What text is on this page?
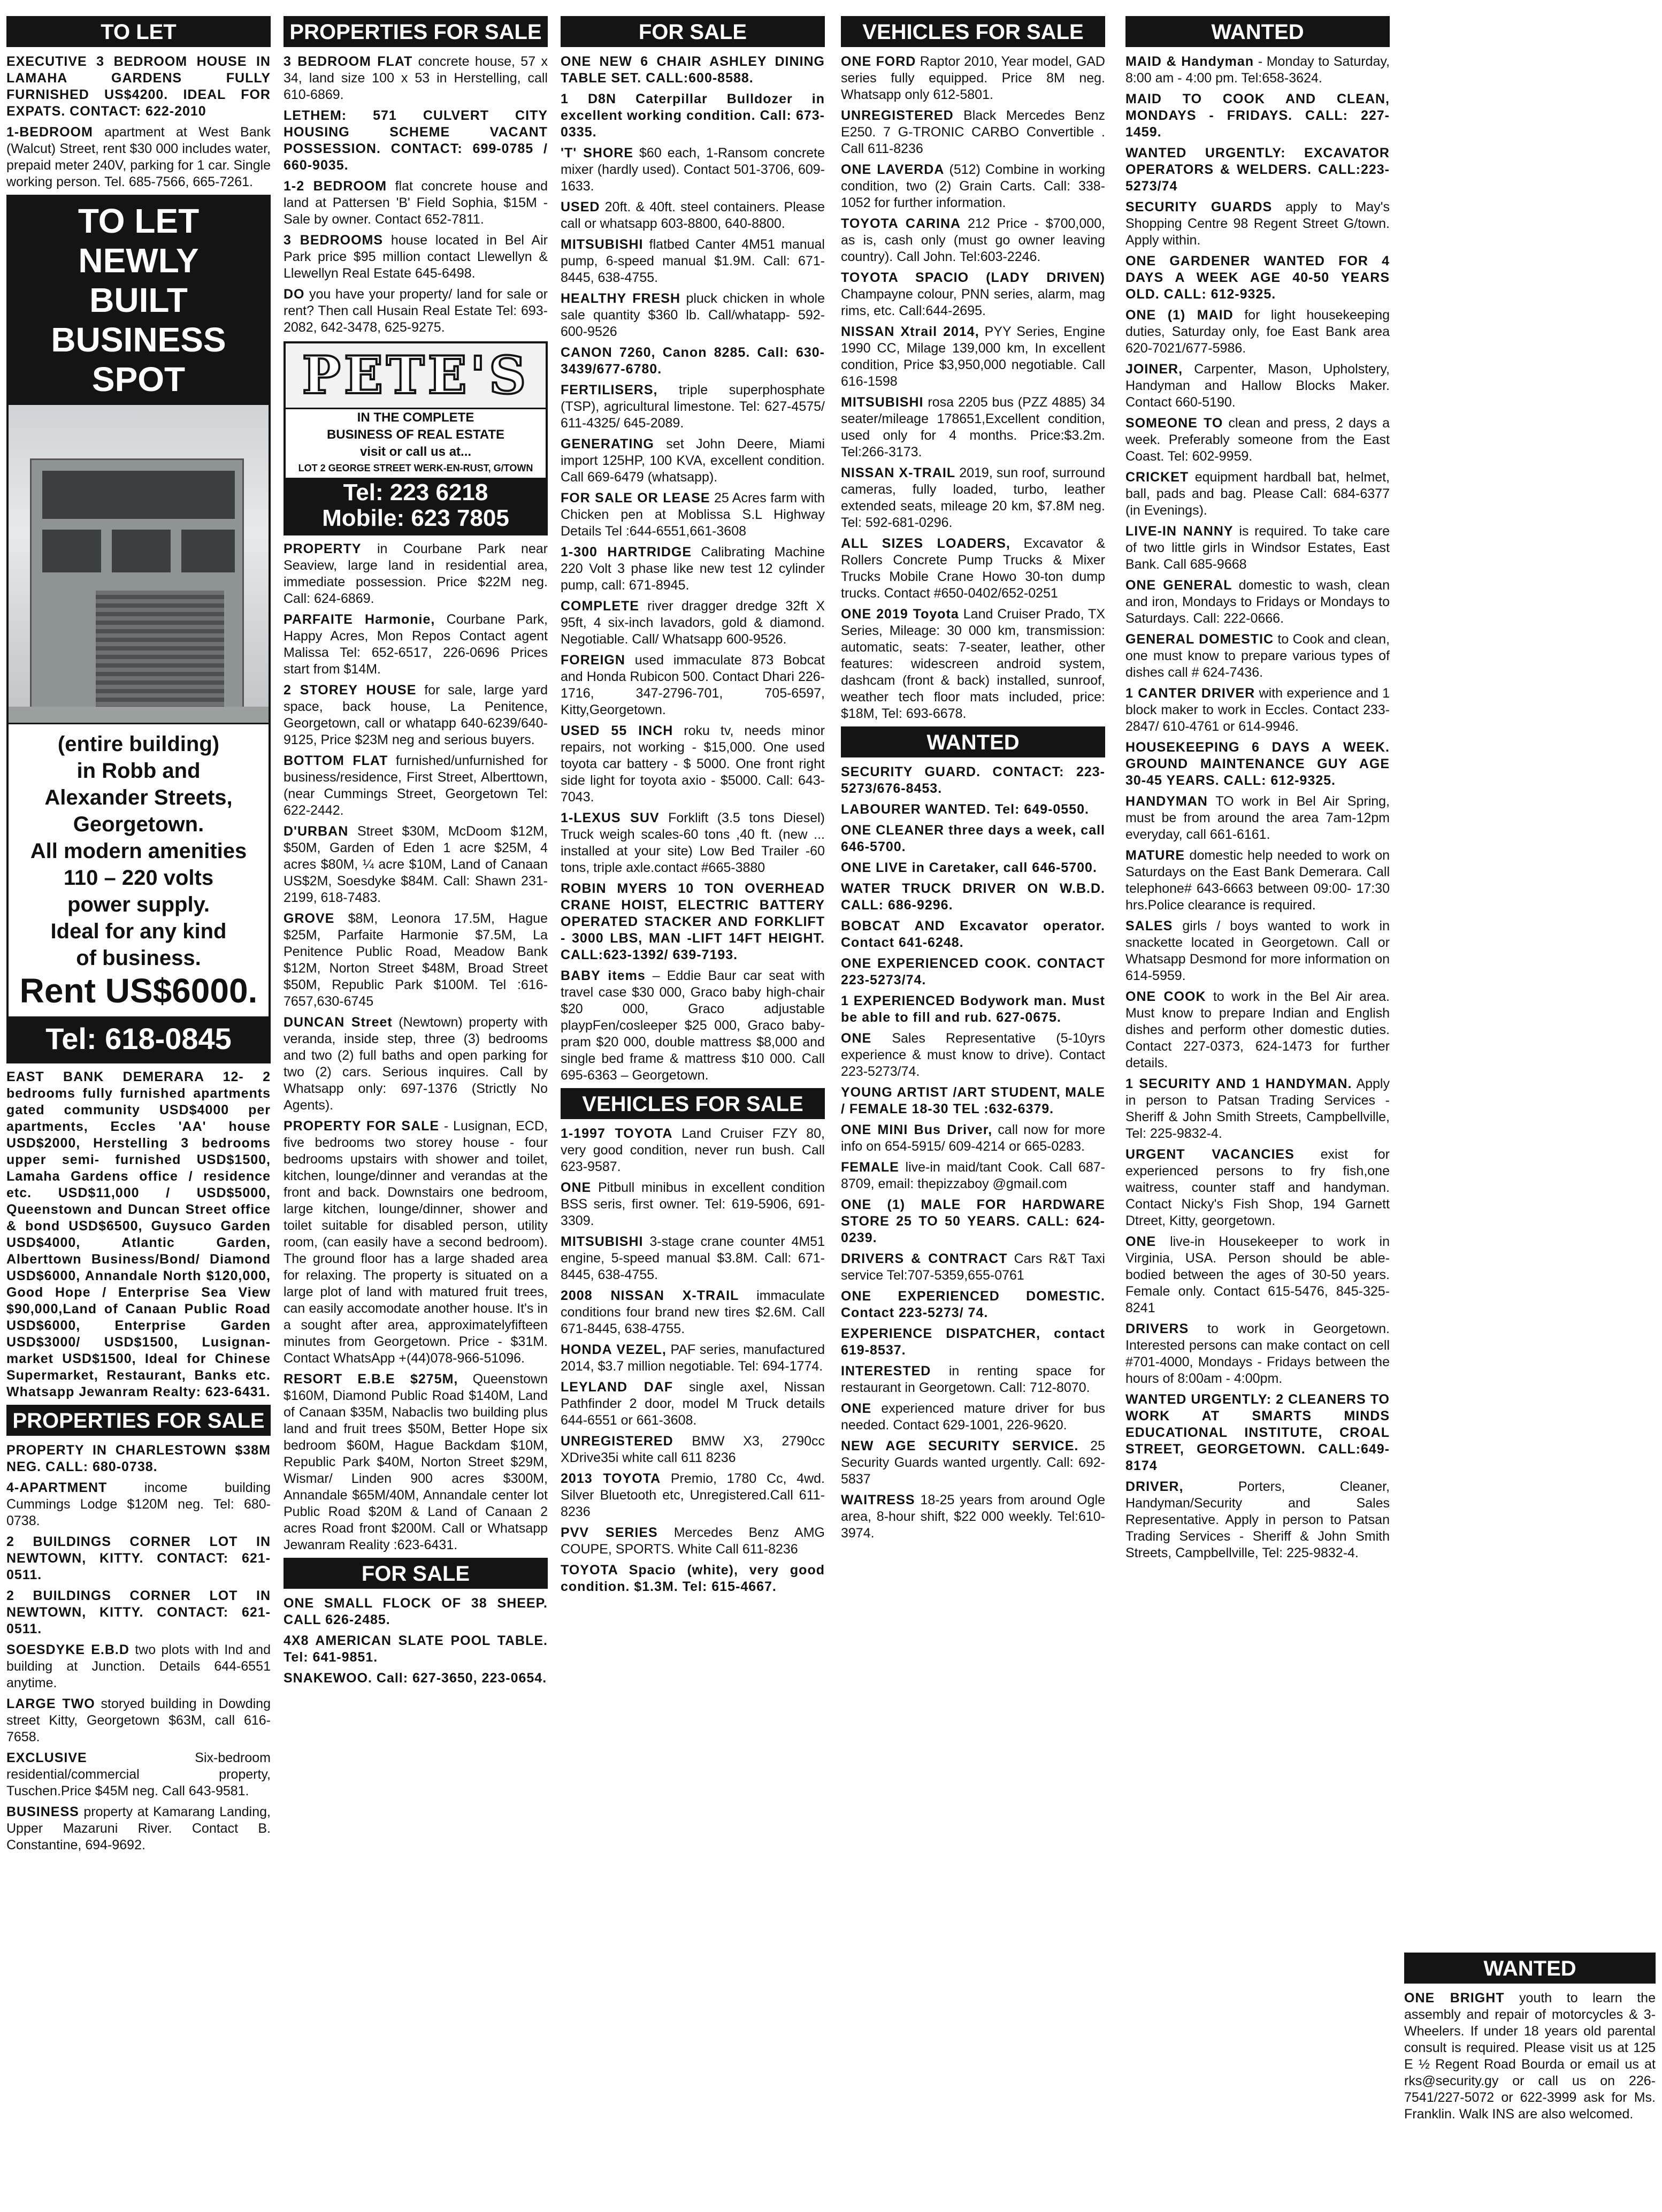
TO LET
EXECUTIVE 3 BEDROOM HOUSE IN LAMAHA GARDENS FULLY FURNISHED US$4200. IDEAL FOR EXPATS. CONTACT: 622-2010
1-BEDROOM apartment at West Bank (Walcut) Street, rent $30 000 includes water, prepaid meter 240V, parking for 1 car. Single working person. Tel. 685-7566, 665-7261.
TO LET
NEWLY
BUILT
BUSINESS
SPOT
(entire building)
in Robb and
Alexander Streets,
Georgetown.
All modern amenities
110 – 220 volts
power supply.
Ideal for any kind
of business.
Rent US$6000.
Tel: 618-0845
EAST BANK DEMERARA 12- 2 bedrooms fully furnished apartments gated community USD$4000 per apartments, Eccles 'AA' house USD$2000, Herstelling 3 bedrooms upper semi- furnished USD$1500, Lamaha Gardens office / residence etc. USD$11,000 / USD$5000, Queenstown and Duncan Street office & bond USD$6500, Guysuco Garden USD$4000, Atlantic Garden, Alberttown Business/Bond/ Diamond USD$6000, Annandale North $120,000, Good Hope / Enterprise Sea View $90,000,Land of Canaan Public Road USD$6000, Enterprise Garden USD$3000/ USD$1500, Lusignan-market USD$1500, Ideal for Chinese Supermarket, Restaurant, Banks etc. Whatsapp Jewanram Realty: 623-6431.
PROPERTIES FOR SALE
PROPERTY IN CHARLESTOWN $38M NEG. CALL: 680-0738.
4-APARTMENT income building Cummings Lodge $120M neg. Tel: 680-0738.
2 BUILDINGS CORNER LOT IN NEWTOWN, KITTY. CONTACT: 621-0511.
2 BUILDINGS CORNER LOT IN NEWTOWN, KITTY. CONTACT: 621-0511.
SOESDYKE E.B.D two plots with Ind and building at Junction. Details 644-6551 anytime.
LARGE TWO storyed building in Dowding street Kitty, Georgetown $63M, call 616-7658.
EXCLUSIVE Six-bedroom residential/commercial property, Tuschen.Price $45M neg. Call 643-9581.
BUSINESS property at Kamarang Landing, Upper Mazaruni River. Contact B. Constantine, 694-9692.
PROPERTIES FOR SALE
3 BEDROOM FLAT concrete house, 57 x 34, land size 100 x 53 in Herstelling, call 610-6869.
LETHEM: 571 CULVERT CITY HOUSING SCHEME VACANT POSSESSION. CONTACT: 699-0785 / 660-9035.
1-2 BEDROOM flat concrete house and land at Pattersen 'B' Field Sophia, $15M - Sale by owner. Contact 652-7811.
3 BEDROOMS house located in Bel Air Park price $95 million contact Llewellyn & Llewellyn Real Estate 645-6498.
DO you have your property/ land for sale or rent? Then call Husain Real Estate Tel: 693-2082, 642-3478, 625-9275.
PETE'S
IN THE COMPLETE
BUSINESS OF REAL ESTATE
visit or call us at...
LOT 2 GEORGE STREET WERK-EN-RUST, G/TOWN
Tel: 223 6218
Mobile: 623 7805
PROPERTY in Courbane Park near Seaview, large land in residential area, immediate possession. Price $22M neg. Call: 624-6869.
PARFAITE Harmonie, Courbane Park, Happy Acres, Mon Repos Contact agent Malissa Tel: 652-6517, 226-0696 Prices start from $14M.
2 STOREY HOUSE for sale, large yard space, back house, La Penitence, Georgetown, call or whatapp 640-6239/640-9125, Price $23M neg and serious buyers.
BOTTOM FLAT furnished/unfurnished for business/residence, First Street, Alberttown, (near Cummings Street, Georgetown Tel: 622-2442.
D'URBAN Street $30M, McDoom $12M, $50M, Garden of Eden 1 acre $25M, 4 acres $80M, ¼ acre $10M, Land of Canaan US$2M, Soesdyke $84M. Call: Shawn 231-2199, 618-7483.
GROVE $8M, Leonora 17.5M, Hague $25M, Parfaite Harmonie $7.5M, La Penitence Public Road, Meadow Bank $12M, Norton Street $48M, Broad Street $50M, Republic Park $100M. Tel :616-7657,630-6745
DUNCAN Street (Newtown) property with veranda, inside step, three (3) bedrooms and two (2) full baths and open parking for two (2) cars. Serious inquires. Call by Whatsapp only: 697-1376 (Strictly No Agents).
PROPERTY FOR SALE - Lusignan, ECD, five bedrooms two storey house - four bedrooms upstairs with shower and toilet, kitchen, lounge/dinner and verandas at the front and back. Downstairs one bedroom, large kitchen, lounge/dinner, shower and toilet suitable for disabled person, utility room, (can easily have a second bedroom). The ground floor has a large shaded area for relaxing. The property is situated on a large plot of land with matured fruit trees, can easily accomodate another house. It's in a sought after area, approximatelyfifteen minutes from Georgetown. Price - $31M. Contact WhatsApp +(44)078-966-51096.
RESORT E.B.E $275M, Queenstown $160M, Diamond Public Road $140M, Land of Canaan $35M, Nabaclis two building plus land and fruit trees $50M, Better Hope six bedroom $60M, Hague Backdam $10M, Republic Park $40M, Norton Street $29M, Wismar/ Linden 900 acres $300M, Annandale $65M/40M, Annandale center lot Public Road $20M & Land of Canaan 2 acres Road front $200M. Call or Whatsapp Jewanram Reality :623-6431.
FOR SALE
ONE SMALL FLOCK OF 38 SHEEP. CALL 626-2485.
4X8 AMERICAN SLATE POOL TABLE. Tel: 641-9851.
SNAKEWOO. Call: 627-3650, 223-0654.
FOR SALE
ONE NEW 6 CHAIR ASHLEY DINING TABLE SET. CALL:600-8588.
1 D8N Caterpillar Bulldozer in excellent working condition. Call: 673-0335.
'T' SHORE $60 each, 1-Ransom concrete mixer (hardly used). Contact 501-3706, 609-1633.
USED 20ft. & 40ft. steel containers. Please call or whatsapp 603-8800, 640-8800.
MITSUBISHI flatbed Canter 4M51 manual pump, 6-speed manual $1.9M. Call: 671-8445, 638-4755.
HEALTHY FRESH pluck chicken in whole sale quantity $360 lb. Call/whatapp- 592-600-9526
CANON 7260, Canon 8285. Call: 630-3439/677-6780.
FERTILISERS, triple superphosphate (TSP), agricultural limestone. Tel: 627-4575/ 611-4325/ 645-2089.
GENERATING set John Deere, Miami import 125HP, 100 KVA, excellent condition. Call 669-6479 (whatsapp).
FOR SALE OR LEASE 25 Acres farm with Chicken pen at Moblissa S.L Highway Details Tel :644-6551,661-3608
1-300 HARTRIDGE Calibrating Machine 220 Volt 3 phase like new test 12 cylinder pump, call: 671-8945.
COMPLETE river dragger dredge 32ft X 95ft, 4 six-inch lavadors, gold & diamond. Negotiable. Call/ Whatsapp 600-9526.
FOREIGN used immaculate 873 Bobcat and Honda Rubicon 500. Contact Dhari 226-1716, 347-2796-701, 705-6597, Kitty,Georgetown.
USED 55 INCH roku tv, needs minor repairs, not working - $15,000. One used toyota car battery - $ 5000. One front right side light for toyota axio - $5000. Call: 643-7043.
1-LEXUS SUV Forklift (3.5 tons Diesel) Truck weigh scales-60 tons ,40 ft. (new ... installed at your site) Low Bed Trailer -60 tons, triple axle.contact #665-3880
ROBIN MYERS 10 TON OVERHEAD CRANE HOIST, ELECTRIC BATTERY OPERATED STACKER AND FORKLIFT - 3000 LBS, MAN -LIFT 14FT HEIGHT. CALL:623-1392/ 639-7193.
BABY items – Eddie Baur car seat with travel case $30 000, Graco baby high-chair $20 000, Graco adjustable playpFen/cosleeper $25 000, Graco baby-pram $20 000, double mattress $8,000 and single bed frame & mattress $10 000. Call 695-6363 – Georgetown.
VEHICLES FOR SALE
1-1997 TOYOTA Land Cruiser FZY 80, very good condition, never run bush. Call 623-9587.
ONE Pitbull minibus in excellent condition BSS seris, first owner. Tel: 619-5906, 691-3309.
MITSUBISHI 3-stage crane counter 4M51 engine, 5-speed manual $3.8M. Call: 671-8445, 638-4755.
2008 NISSAN X-TRAIL immaculate conditions four brand new tires $2.6M. Call 671-8445, 638-4755.
HONDA VEZEL, PAF series, manufactured 2014, $3.7 million negotiable. Tel: 694-1774.
LEYLAND DAF single axel, Nissan Pathfinder 2 door, model M Truck details 644-6551 or 661-3608.
UNREGISTERED BMW X3, 2790cc XDrive35i white call 611 8236
2013 TOYOTA Premio, 1780 Cc, 4wd. Silver Bluetooth etc, Unregistered.Call 611-8236
PVV SERIES Mercedes Benz AMG COUPE, SPORTS. White Call 611-8236
TOYOTA Spacio (white), very good condition. $1.3M. Tel: 615-4667.
VEHICLES FOR SALE
ONE FORD Raptor 2010, Year model, GAD series fully equipped. Price 8M neg. Whatsapp only 612-5801.
UNREGISTERED Black Mercedes Benz E250. 7 G-TRONIC CARBO Convertible . Call 611-8236
ONE LAVERDA (512) Combine in working condition, two (2) Grain Carts. Call: 338-1052 for further information.
TOYOTA CARINA 212 Price - $700,000, as is, cash only (must go owner leaving country). Call John. Tel:603-2246.
TOYOTA SPACIO (LADY DRIVEN) Champayne colour, PNN series, alarm, mag rims, etc. Call:644-2695.
NISSAN Xtrail 2014, PYY Series, Engine 1990 CC, Milage 139,000 km, In excellent condition, Price $3,950,000 negotiable. Call 616-1598
MITSUBISHI rosa 2205 bus (PZZ 4885) 34 seater/mileage 178651,Excellent condition, used only for 4 months. Price:$3.2m. Tel:266-3173.
NISSAN X-TRAIL 2019, sun roof, surround cameras, fully loaded, turbo, leather extended seats, mileage 20 km, $7.8M neg. Tel: 592-681-0296.
ALL SIZES LOADERS, Excavator & Rollers Concrete Pump Trucks & Mixer Trucks Mobile Crane Howo 30-ton dump trucks. Contact #650-0402/652-0251
ONE 2019 Toyota Land Cruiser Prado, TX Series, Mileage: 30 000 km, transmission: automatic, seats: 7-seater, leather, other features: widescreen android system, dashcam (front & back) installed, sunroof, weather tech floor mats included, price: $18M, Tel: 693-6678.
WANTED
SECURITY GUARD. CONTACT: 223-5273/676-8453.
LABOURER WANTED. Tel: 649-0550.
ONE CLEANER three days a week, call 646-5700.
ONE LIVE in Caretaker, call 646-5700.
WATER TRUCK DRIVER ON W.B.D. CALL: 686-9296.
BOBCAT AND Excavator operator. Contact 641-6248.
ONE EXPERIENCED COOK. CONTACT 223-5273/74.
1 EXPERIENCED Bodywork man. Must be able to fill and rub. 627-0675.
ONE Sales Representative (5-10yrs experience & must know to drive). Contact 223-5273/74.
YOUNG ARTIST /ART STUDENT, MALE / FEMALE 18-30 TEL :632-6379.
ONE MINI Bus Driver, call now for more info on 654-5915/ 609-4214 or 665-0283.
FEMALE live-in maid/tant Cook. Call 687-8709, email: thepizzaboy @gmail.com
ONE (1) MALE FOR HARDWARE STORE 25 TO 50 YEARS. CALL: 624-0239.
DRIVERS & CONTRACT Cars R&T Taxi service Tel:707-5359,655-0761
ONE EXPERIENCED DOMESTIC. Contact 223-5273/ 74.
EXPERIENCE DISPATCHER, contact 619-8537.
INTERESTED in renting space for restaurant in Georgetown. Call: 712-8070.
ONE experienced mature driver for bus needed. Contact 629-1001, 226-9620.
NEW AGE SECURITY SERVICE. 25 Security Guards wanted urgently. Call: 692-5837
WAITRESS 18-25 years from around Ogle area, 8-hour shift, $22 000 weekly. Tel:610-3974.
WANTED
MAID & Handyman - Monday to Saturday, 8:00 am - 4:00 pm. Tel:658-3624.
MAID TO COOK AND CLEAN, MONDAYS - FRIDAYS. CALL: 227-1459.
WANTED URGENTLY: EXCAVATOR OPERATORS & WELDERS. CALL:223-5273/74
SECURITY GUARDS apply to May's Shopping Centre 98 Regent Street G/town. Apply within.
ONE GARDENER WANTED FOR 4 DAYS A WEEK AGE 40-50 YEARS OLD. CALL: 612-9325.
ONE (1) MAID for light housekeeping duties, Saturday only, foe East Bank area 620-7021/677-5986.
JOINER, Carpenter, Mason, Upholstery, Handyman and Hallow Blocks Maker. Contact 660-5190.
SOMEONE TO clean and press, 2 days a week. Preferably someone from the East Coast. Tel: 602-9959.
CRICKET equipment hardball bat, helmet, ball, pads and bag. Please Call: 684-6377 (in Evenings).
LIVE-IN NANNY is required. To take care of two little girls in Windsor Estates, East Bank. Call 685-9668
ONE GENERAL domestic to wash, clean and iron, Mondays to Fridays or Mondays to Saturdays. Call: 222-0666.
GENERAL DOMESTIC to Cook and clean, one must know to prepare various types of dishes call # 624-7436.
1 CANTER DRIVER with experience and 1 block maker to work in Eccles. Contact 233-2847/ 610-4761 or 614-9946.
HOUSEKEEPING 6 DAYS A WEEK. GROUND MAINTENANCE GUY AGE 30-45 YEARS. CALL: 612-9325.
HANDYMAN TO work in Bel Air Spring, must be from around the area 7am-12pm everyday, call 661-6161.
MATURE domestic help needed to work on Saturdays on the East Bank Demerara. Call telephone# 643-6663 between 09:00- 17:30 hrs.Police clearance is required.
SALES girls / boys wanted to work in snackette located in Georgetown. Call or Whatsapp Desmond for more information on 614-5959.
ONE COOK to work in the Bel Air area. Must know to prepare Indian and English dishes and perform other domestic duties. Contact 227-0373, 624-1473 for further details.
1 SECURITY AND 1 HANDYMAN. Apply in person to Patsan Trading Services - Sheriff & John Smith Streets, Campbellville, Tel: 225-9832-4.
URGENT VACANCIES exist for experienced persons to fry fish,one waitress, counter staff and handyman. Contact Nicky's Fish Shop, 194 Garnett Dtreet, Kitty, georgetown.
ONE live-in Housekeeper to work in Virginia, USA. Person should be able-bodied between the ages of 30-50 years. Female only. Contact 615-5476, 845-325-8241
DRIVERS to work in Georgetown. Interested persons can make contact on cell #701-4000, Mondays - Fridays between the hours of 8:00am - 4:00pm.
WANTED URGENTLY: 2 CLEANERS TO WORK AT SMARTS MINDS EDUCATIONAL INSTITUTE, CROAL STREET, GEORGETOWN. CALL:649-8174
DRIVER, Porters, Cleaner, Handyman/Security and Sales Representative. Apply in person to Patsan Trading Services - Sheriff & John Smith Streets, Campbellville, Tel: 225-9832-4.
WANTED
ONE BRIGHT youth to learn the assembly and repair of motorcycles & 3-Wheelers. If under 18 years old parental consult is required. Please visit us at 125 E ½ Regent Road Bourda or email us at rks@security.gy or call us on 226-7541/227-5072 or 622-3999 ask for Ms. Franklin. Walk INS are also welcomed.
